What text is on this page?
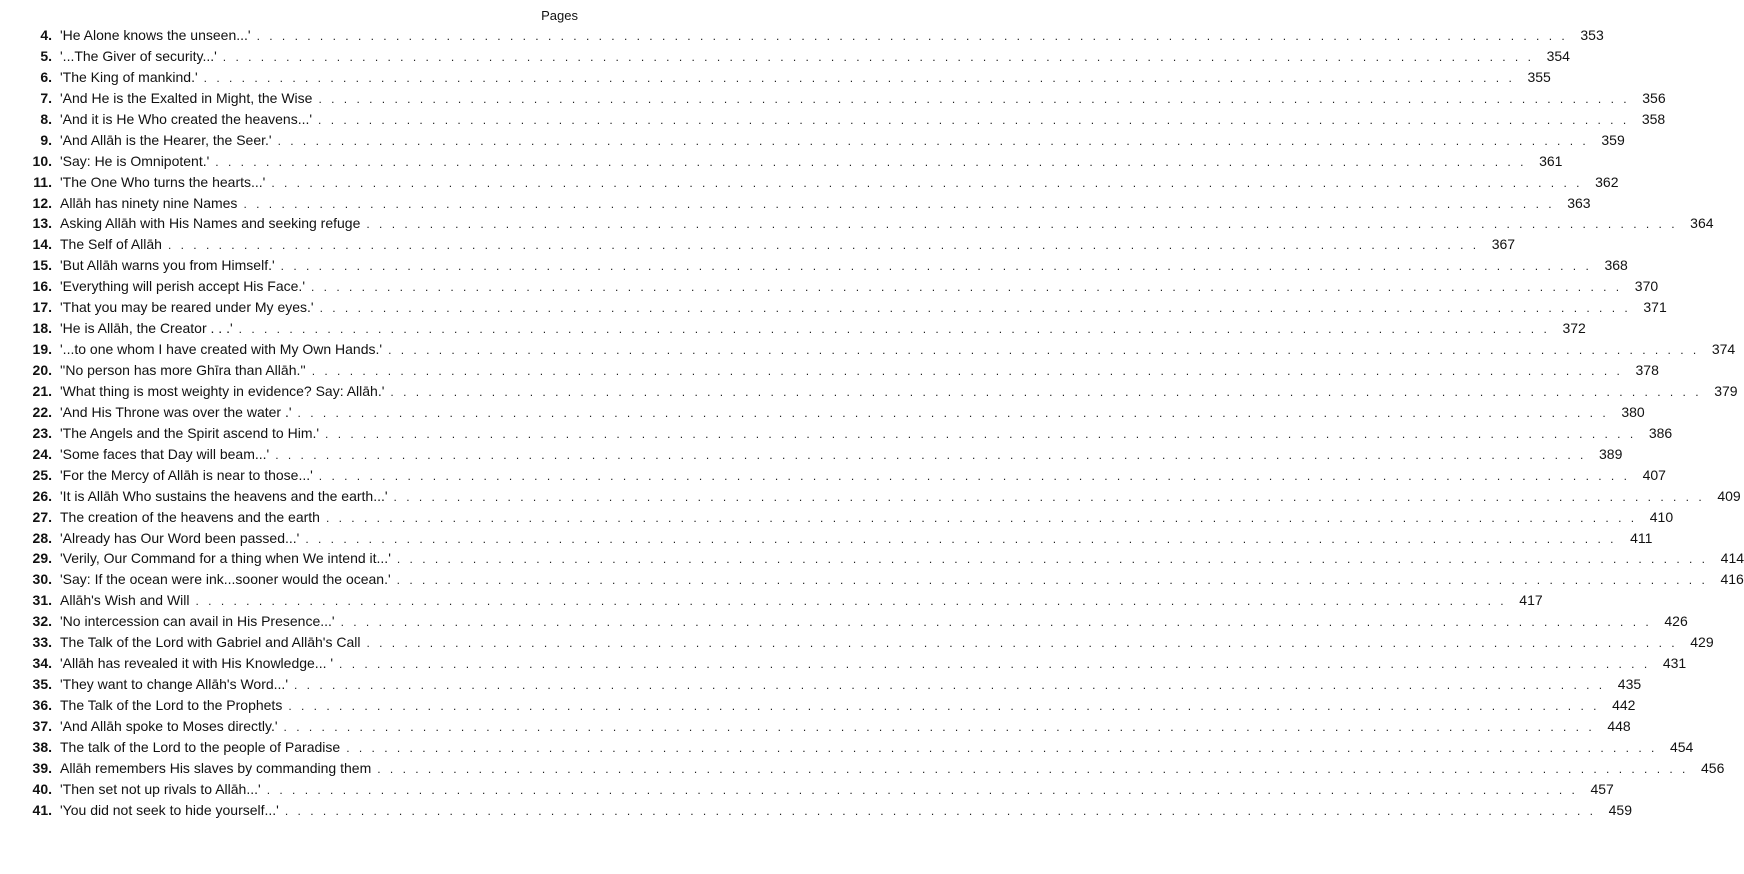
Pages
4. 'He Alone knows the unseen...' . . .	353
5. '...The Giver of security...' . . .	354
6. 'The King of mankind.' . . .	355
7. 'And He is the Exalted in Might, the Wise . . .	356
8. 'And it is He Who created the heavens...' . . .	358
9. 'And Allāh is the Hearer, the Seer.' . . .	359
10. 'Say: He is Omnipotent.' . . .	361
11. 'The One Who turns the hearts...' . . .	362
12. Allāh has ninety nine Names . . .	363
13. Asking Allāh with His Names and seeking refuge . . .	364
14. The Self of Allāh . . .	367
15. 'But Allāh warns you from Himself.' . . .	368
16. 'Everything will perish accept His Face.' . . .	370
17. 'That you may be reared under My eyes.' . . .	371
18. 'He is Allāh, the Creator . . .' . . .	372
19. '...to one whom I have created with My Own Hands.' . . .	374
20. ''No person has more Ghīra than Allāh.'' . . .	378
21. 'What thing is most weighty in evidence? Say: Allāh.' . . .	379
22. 'And His Throne was over the water .' . . .	380
23. 'The Angels and the Spirit ascend to Him.' . . .	386
24. 'Some faces that Day will beam...' . . .	389
25. 'For the Mercy of Allāh is near to those...' . . .	407
26. 'It is Allāh Who sustains the heavens and the earth...' . . .	409
27. The creation of the heavens and the earth . . .	410
28. 'Already has Our Word been passed...' . . .	411
29. 'Verily, Our Command for a thing when We intend it...' . . .	414
30. 'Say: If the ocean were ink...sooner would the ocean.' . . .	416
31. Allāh's Wish and Will . . .	417
32. 'No intercession can avail in His Presence...' . . .	426
33. The Talk of the Lord with Gabriel and Allāh's Call . . .	429
34. 'Allāh has revealed it with His Knowledge... ' . . .	431
35. 'They want to change Allāh's Word...' . . .	435
36. The Talk of the Lord to the Prophets . . .	442
37. 'And Allāh spoke to Moses directly.' . . .	448
38. The talk of the Lord to the people of Paradise . . .	454
39. Allāh remembers His slaves by commanding them . . .	456
40. 'Then set not up rivals to Allāh...' . . .	457
41. 'You did not seek to hide yourself...' . . .	459
